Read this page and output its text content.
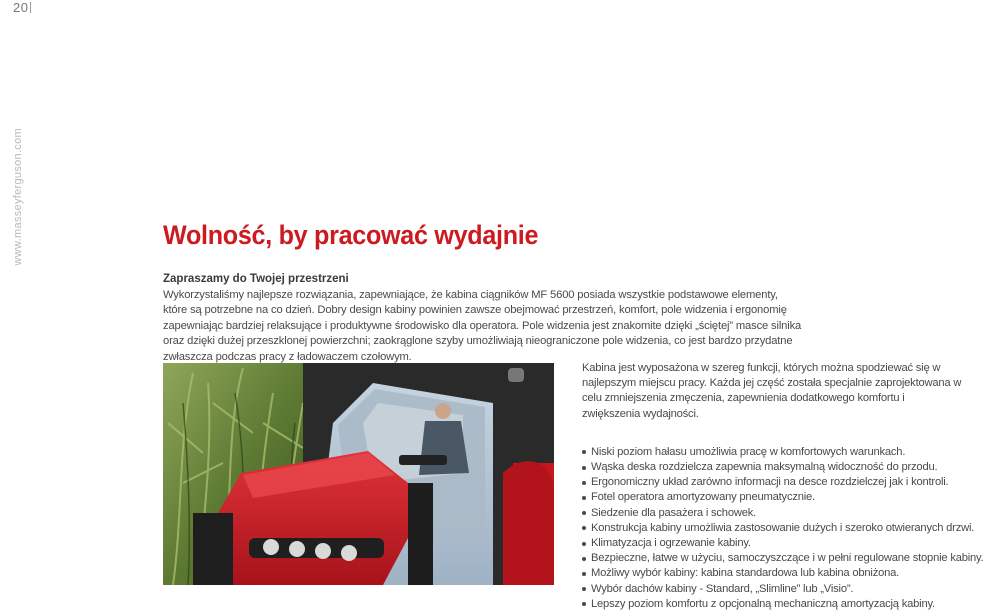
20
www.masseyferguson.com	Wolność, by pracować wydajnie
Zapraszamy do Twojej przestrzeni
Wykorzystaliśmy najlepsze rozwiązania, zapewniające, że kabina ciągników MF 5600 posiada wszystkie podstawowe elementy, które są potrzebne na co dzień. Dobry design kabiny powinien zawsze obejmować przestrzeń, komfort, pole widzenia i ergonomię zapewniając bardziej relaksujące i produktywne środowisko dla operatora. Pole widzenia jest znakomite dzięki „ściętej” masce silnika oraz dzięki dużej przeszklonej powierzchni; zaokrąglone szyby umożliwiają nieograniczone pole widzenia, co jest bardzo przydatne zwłaszcza podczas pracy z ładowaczem czołowym.

Kabina jest wyposażona w szereg funkcji, których można spodziewać się w najlepszym miejscu pracy. Każda jej część została specjalnie zaprojektowana w celu zmniejszenia zmęczenia, zapewnienia dodatkowego komfortu i zwiększenia wydajności.

Niski poziom hałasu umożliwia pracę w komfortowych warunkach.
Wąska deska rozdzielcza zapewnia maksymalną widoczność do przodu.
Ergonomiczny układ zarówno informacji na desce rozdzielczej jak i kontroli.
Fotel operatora amortyzowany pneumatycznie.
Siedzenie dla pasażera i schowek.
Konstrukcja kabiny umożliwia zastosowanie dużych i szeroko otwieranych drzwi.
Klimatyzacja i ogrzewanie kabiny.
Bezpieczne, łatwe w użyciu, samoczyszczące i w pełni regulowane stopnie kabiny.
Możliwy wybór kabiny: kabina standardowa lub kabina obniżona.
Wybór dachów kabiny - Standard, „Slimline” lub „Visio”.
Lepszy poziom komfortu z opcjonalną mechaniczną amortyzacją kabiny.
